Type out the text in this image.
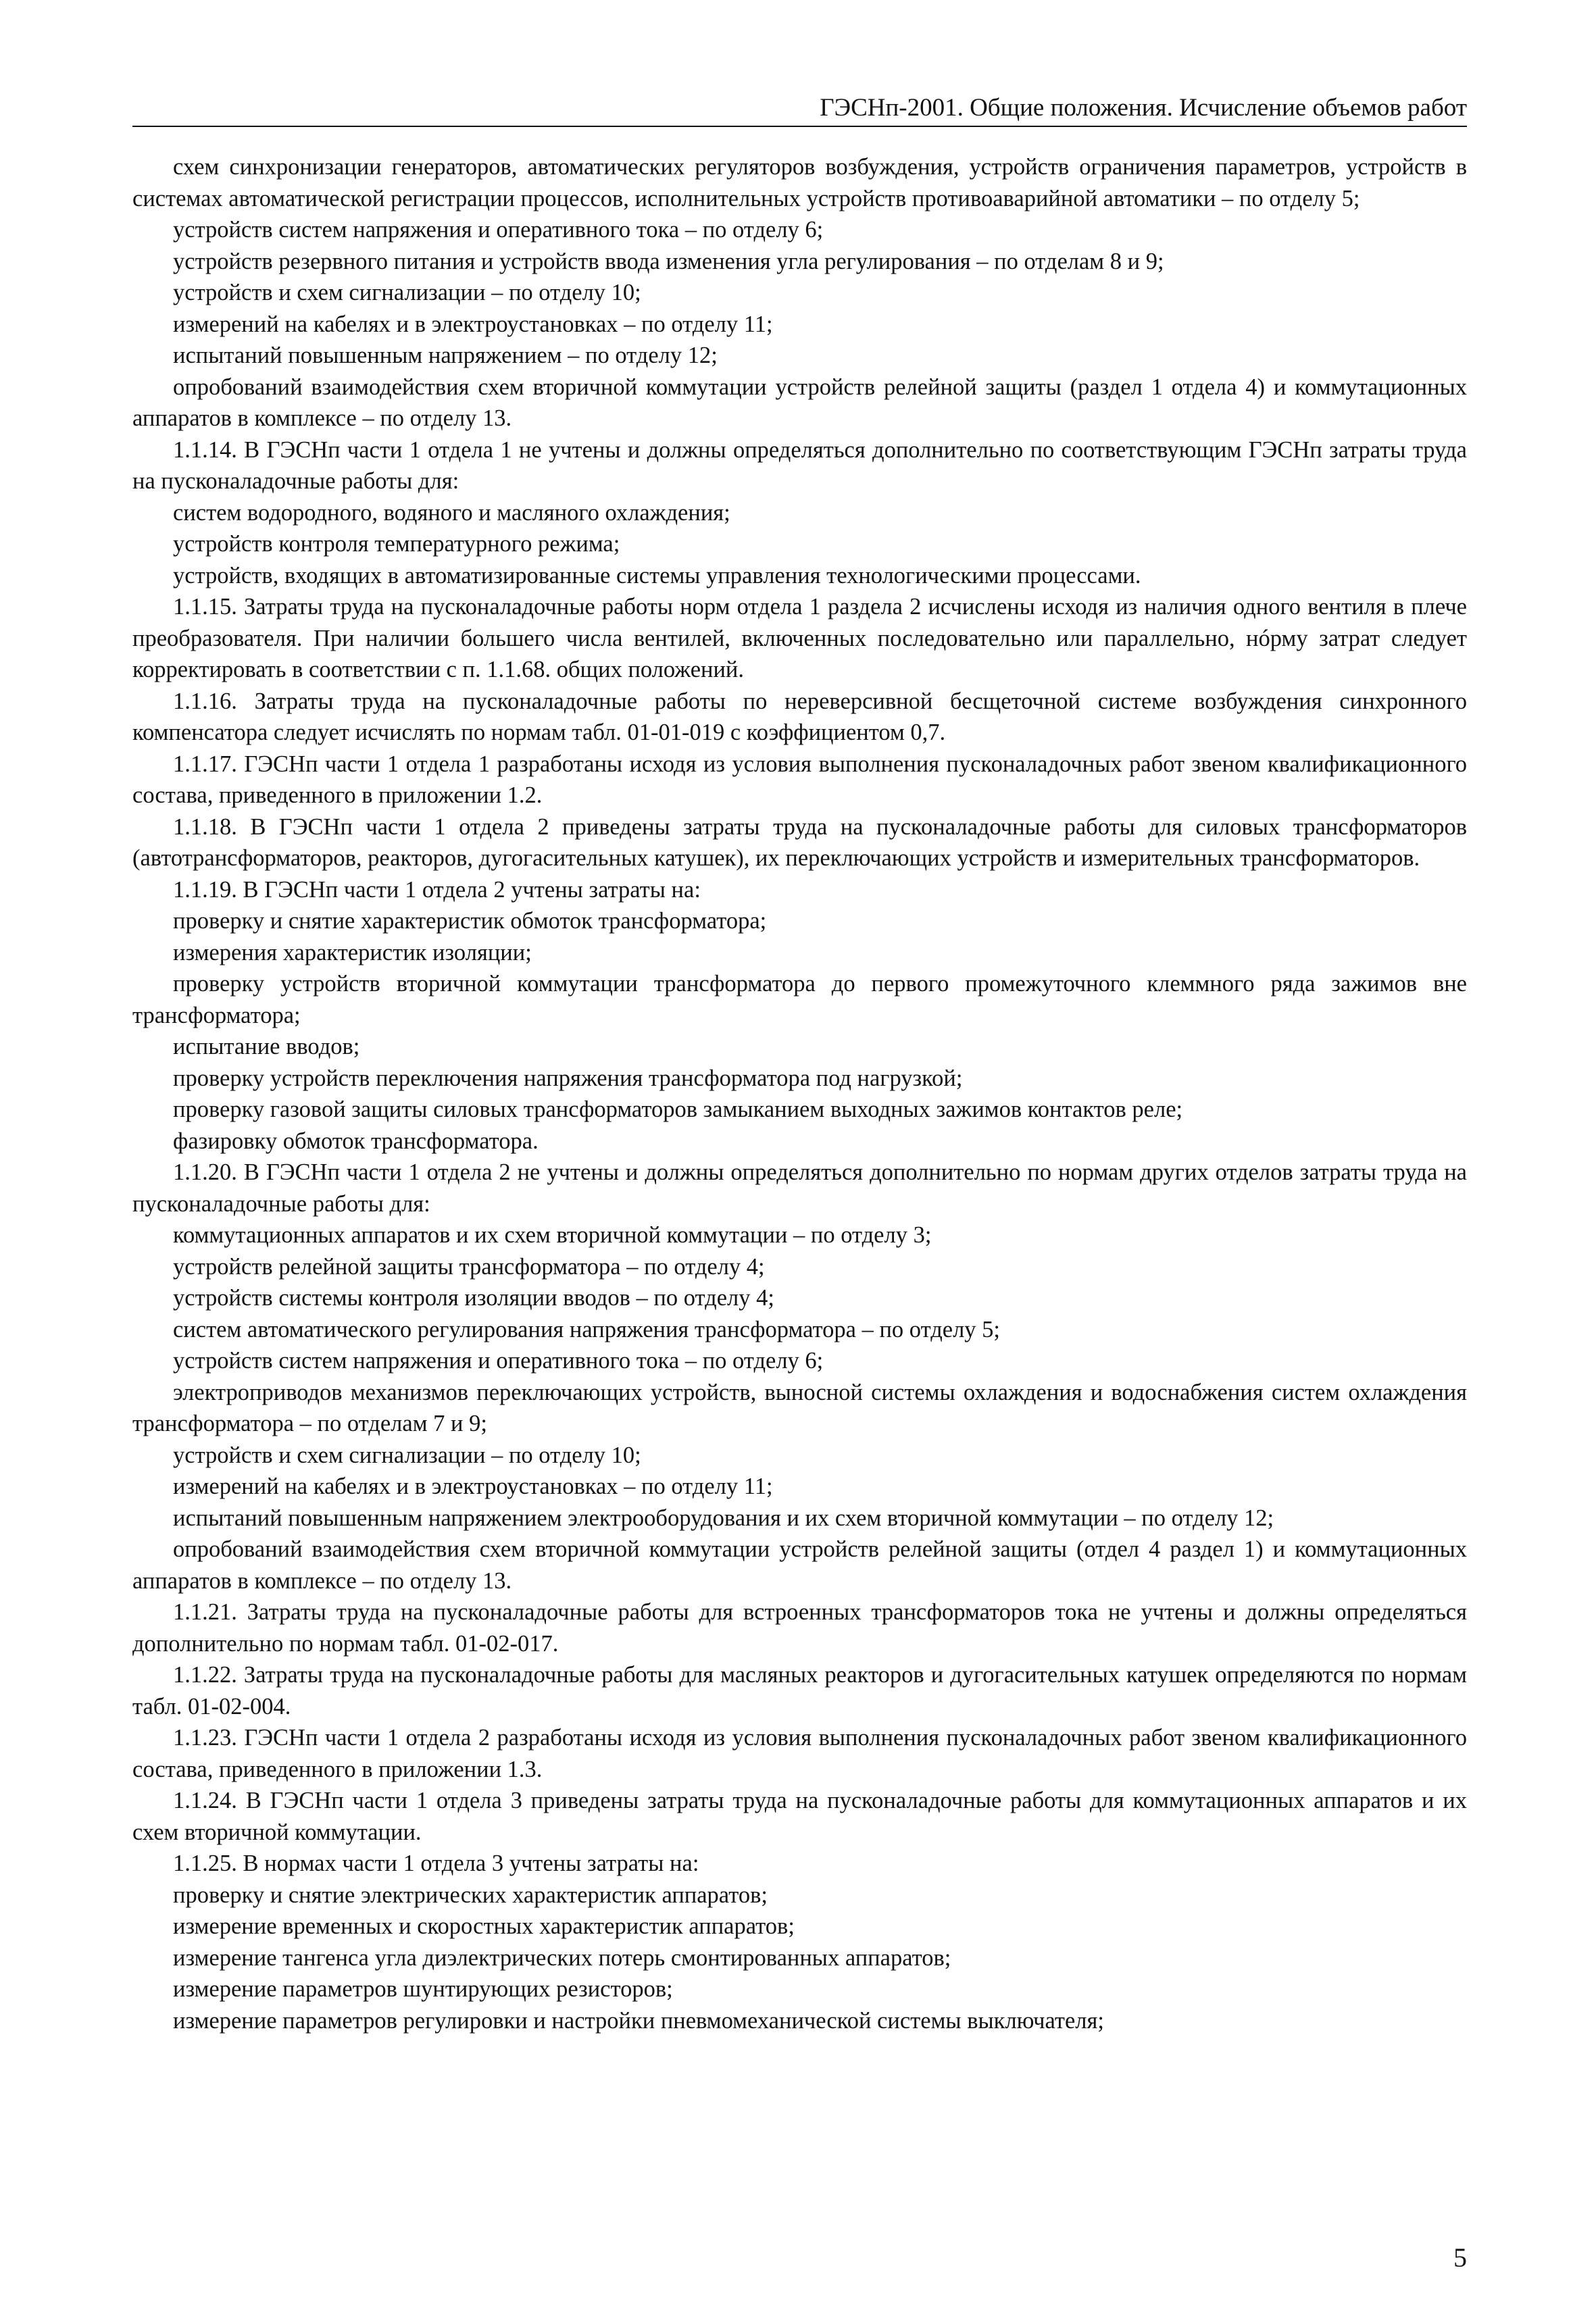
ГЭСНп-2001. Общие положения. Исчисление объемов работ

схем синхронизации генераторов, автоматических регуляторов возбуждения, устройств ограничения параметров, устройств в системах автоматической регистрации процессов, исполнительных устройств противоаварийной автоматики – по отделу 5;

устройств систем напряжения и оперативного тока – по отделу 6;

устройств резервного питания и устройств ввода изменения угла регулирования – по отделам 8 и 9;

устройств и схем сигнализации – по отделу 10;

измерений на кабелях и в электроустановках – по отделу 11;

испытаний повышенным напряжением – по отделу 12;

опробований взаимодействия схем вторичной коммутации устройств релейной защиты (раздел 1 отдела 4) и коммутационных аппаратов в комплексе – по отделу 13.

1.1.14. В ГЭСНп части 1 отдела 1 не учтены и должны определяться дополнительно по соответствующим ГЭСНп затраты труда на пусконаладочные работы для:

систем водородного, водяного и масляного охлаждения;

устройств контроля температурного режима;

устройств, входящих в автоматизированные системы управления технологическими процессами.

1.1.15. Затраты труда на пусконаладочные работы норм отдела 1 раздела 2 исчислены исходя из наличия одного вентиля в плече преобразователя. При наличии большего числа вентилей, включенных последовательно или параллельно, нóрму затрат следует корректировать в соответствии с п. 1.1.68. общих положений.

1.1.16. Затраты труда на пусконаладочные работы по нереверсивной бесщеточной системе возбуждения синхронного компенсатора следует исчислять по нормам табл. 01-01-019 с коэффициентом 0,7.

1.1.17. ГЭСНп части 1 отдела 1 разработаны исходя из условия выполнения пусконаладочных работ звеном квалификационного состава, приведенного в приложении 1.2.

1.1.18. В ГЭСНп части 1 отдела 2 приведены затраты труда на пусконаладочные работы для силовых трансформаторов (автотрансформаторов, реакторов, дугогасительных катушек), их переключающих устройств и измерительных трансформаторов.

1.1.19. В ГЭСНп части 1 отдела 2 учтены затраты на:

проверку и снятие характеристик обмоток трансформатора;

измерения характеристик изоляции;

проверку устройств вторичной коммутации трансформатора до первого промежуточного клеммного ряда зажимов вне трансформатора;

испытание вводов;

проверку устройств переключения напряжения трансформатора под нагрузкой;

проверку газовой защиты силовых трансформаторов замыканием выходных зажимов контактов реле;

фазировку обмоток трансформатора.

1.1.20. В ГЭСНп части 1 отдела 2 не учтены и должны определяться дополнительно по нормам других отделов затраты труда на пусконаладочные работы для:

коммутационных аппаратов и их схем вторичной коммутации – по отделу 3;

устройств релейной защиты трансформатора – по отделу 4;

устройств системы контроля изоляции вводов – по отделу 4;

систем автоматического регулирования напряжения трансформатора – по отделу 5;

устройств систем напряжения и оперативного тока – по отделу 6;

электроприводов механизмов переключающих устройств, выносной системы охлаждения и водоснабжения систем охлаждения трансформатора – по отделам 7 и 9;

устройств и схем сигнализации – по отделу 10;

измерений на кабелях и в электроустановках – по отделу 11;

испытаний повышенным напряжением электрооборудования и их схем вторичной коммутации – по отделу 12;

опробований взаимодействия схем вторичной коммутации устройств релейной защиты (отдел 4 раздел 1) и коммутационных аппаратов в комплексе – по отделу 13.

1.1.21. Затраты труда на пусконаладочные работы для встроенных трансформаторов тока не учтены и должны определяться дополнительно по нормам табл. 01-02-017.

1.1.22. Затраты труда на пусконаладочные работы для масляных реакторов и дугогасительных катушек определяются по нормам табл. 01-02-004.

1.1.23. ГЭСНп части 1 отдела 2 разработаны исходя из условия выполнения пусконаладочных работ звеном квалификационного состава, приведенного в приложении 1.3.

1.1.24. В ГЭСНп части 1 отдела 3 приведены затраты труда на пусконаладочные работы для коммутационных аппаратов и их схем вторичной коммутации.

1.1.25. В нормах части 1 отдела 3 учтены затраты на:

проверку и снятие электрических характеристик аппаратов;

измерение временных и скоростных характеристик аппаратов;

измерение тангенса угла диэлектрических потерь смонтированных аппаратов;

измерение параметров шунтирующих резисторов;

измерение параметров регулировки и настройки пневмомеханической системы выключателя;

5
